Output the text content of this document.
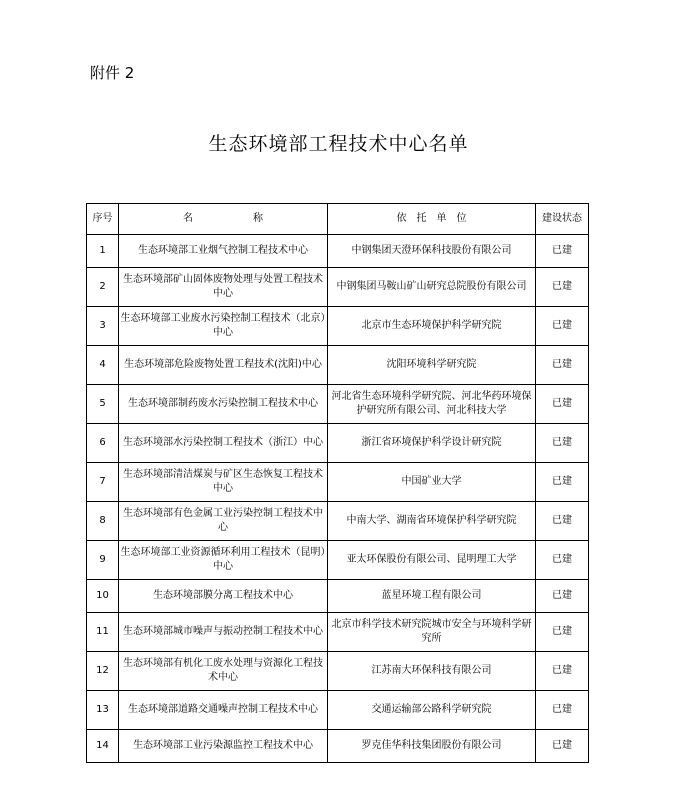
附件 2
生态环境部工程技术中心名单
序号	名　　　　　　称	依　托　单　位	建设状态
1	生态环境部工业烟气控制工程技术中心	中钢集团天澄环保科技股份有限公司	已建
2	生态环境部矿山固体废物处理与处置工程技术中心	中钢集团马鞍山矿山研究总院股份有限公司	已建
3	生态环境部工业废水污染控制工程技术（北京）中心	北京市生态环境保护科学研究院	已建
4	生态环境部危险废物处置工程技术(沈阳)中心	沈阳环境科学研究院	已建
5	生态环境部制药废水污染控制工程技术中心	河北省生态环境科学研究院、河北华药环境保护研究所有限公司、河北科技大学	已建
6	生态环境部水污染控制工程技术（浙江）中心	浙江省环境保护科学设计研究院	已建
7	生态环境部清洁煤炭与矿区生态恢复工程技术中心	中国矿业大学	已建
8	生态环境部有色金属工业污染控制工程技术中心	中南大学、湖南省环境保护科学研究院	已建
9	生态环境部工业资源循环利用工程技术（昆明）中心	亚太环保股份有限公司、昆明理工大学	已建
10	生态环境部膜分离工程技术中心	蓝星环境工程有限公司	已建
11	生态环境部城市噪声与振动控制工程技术中心	北京市科学技术研究院城市安全与环境科学研究所	已建
12	生态环境部有机化工废水处理与资源化工程技术中心	江苏南大环保科技有限公司	已建
13	生态环境部道路交通噪声控制工程技术中心	交通运输部公路科学研究院	已建
14	生态环境部工业污染源监控工程技术中心	罗克佳华科技集团股份有限公司	已建
